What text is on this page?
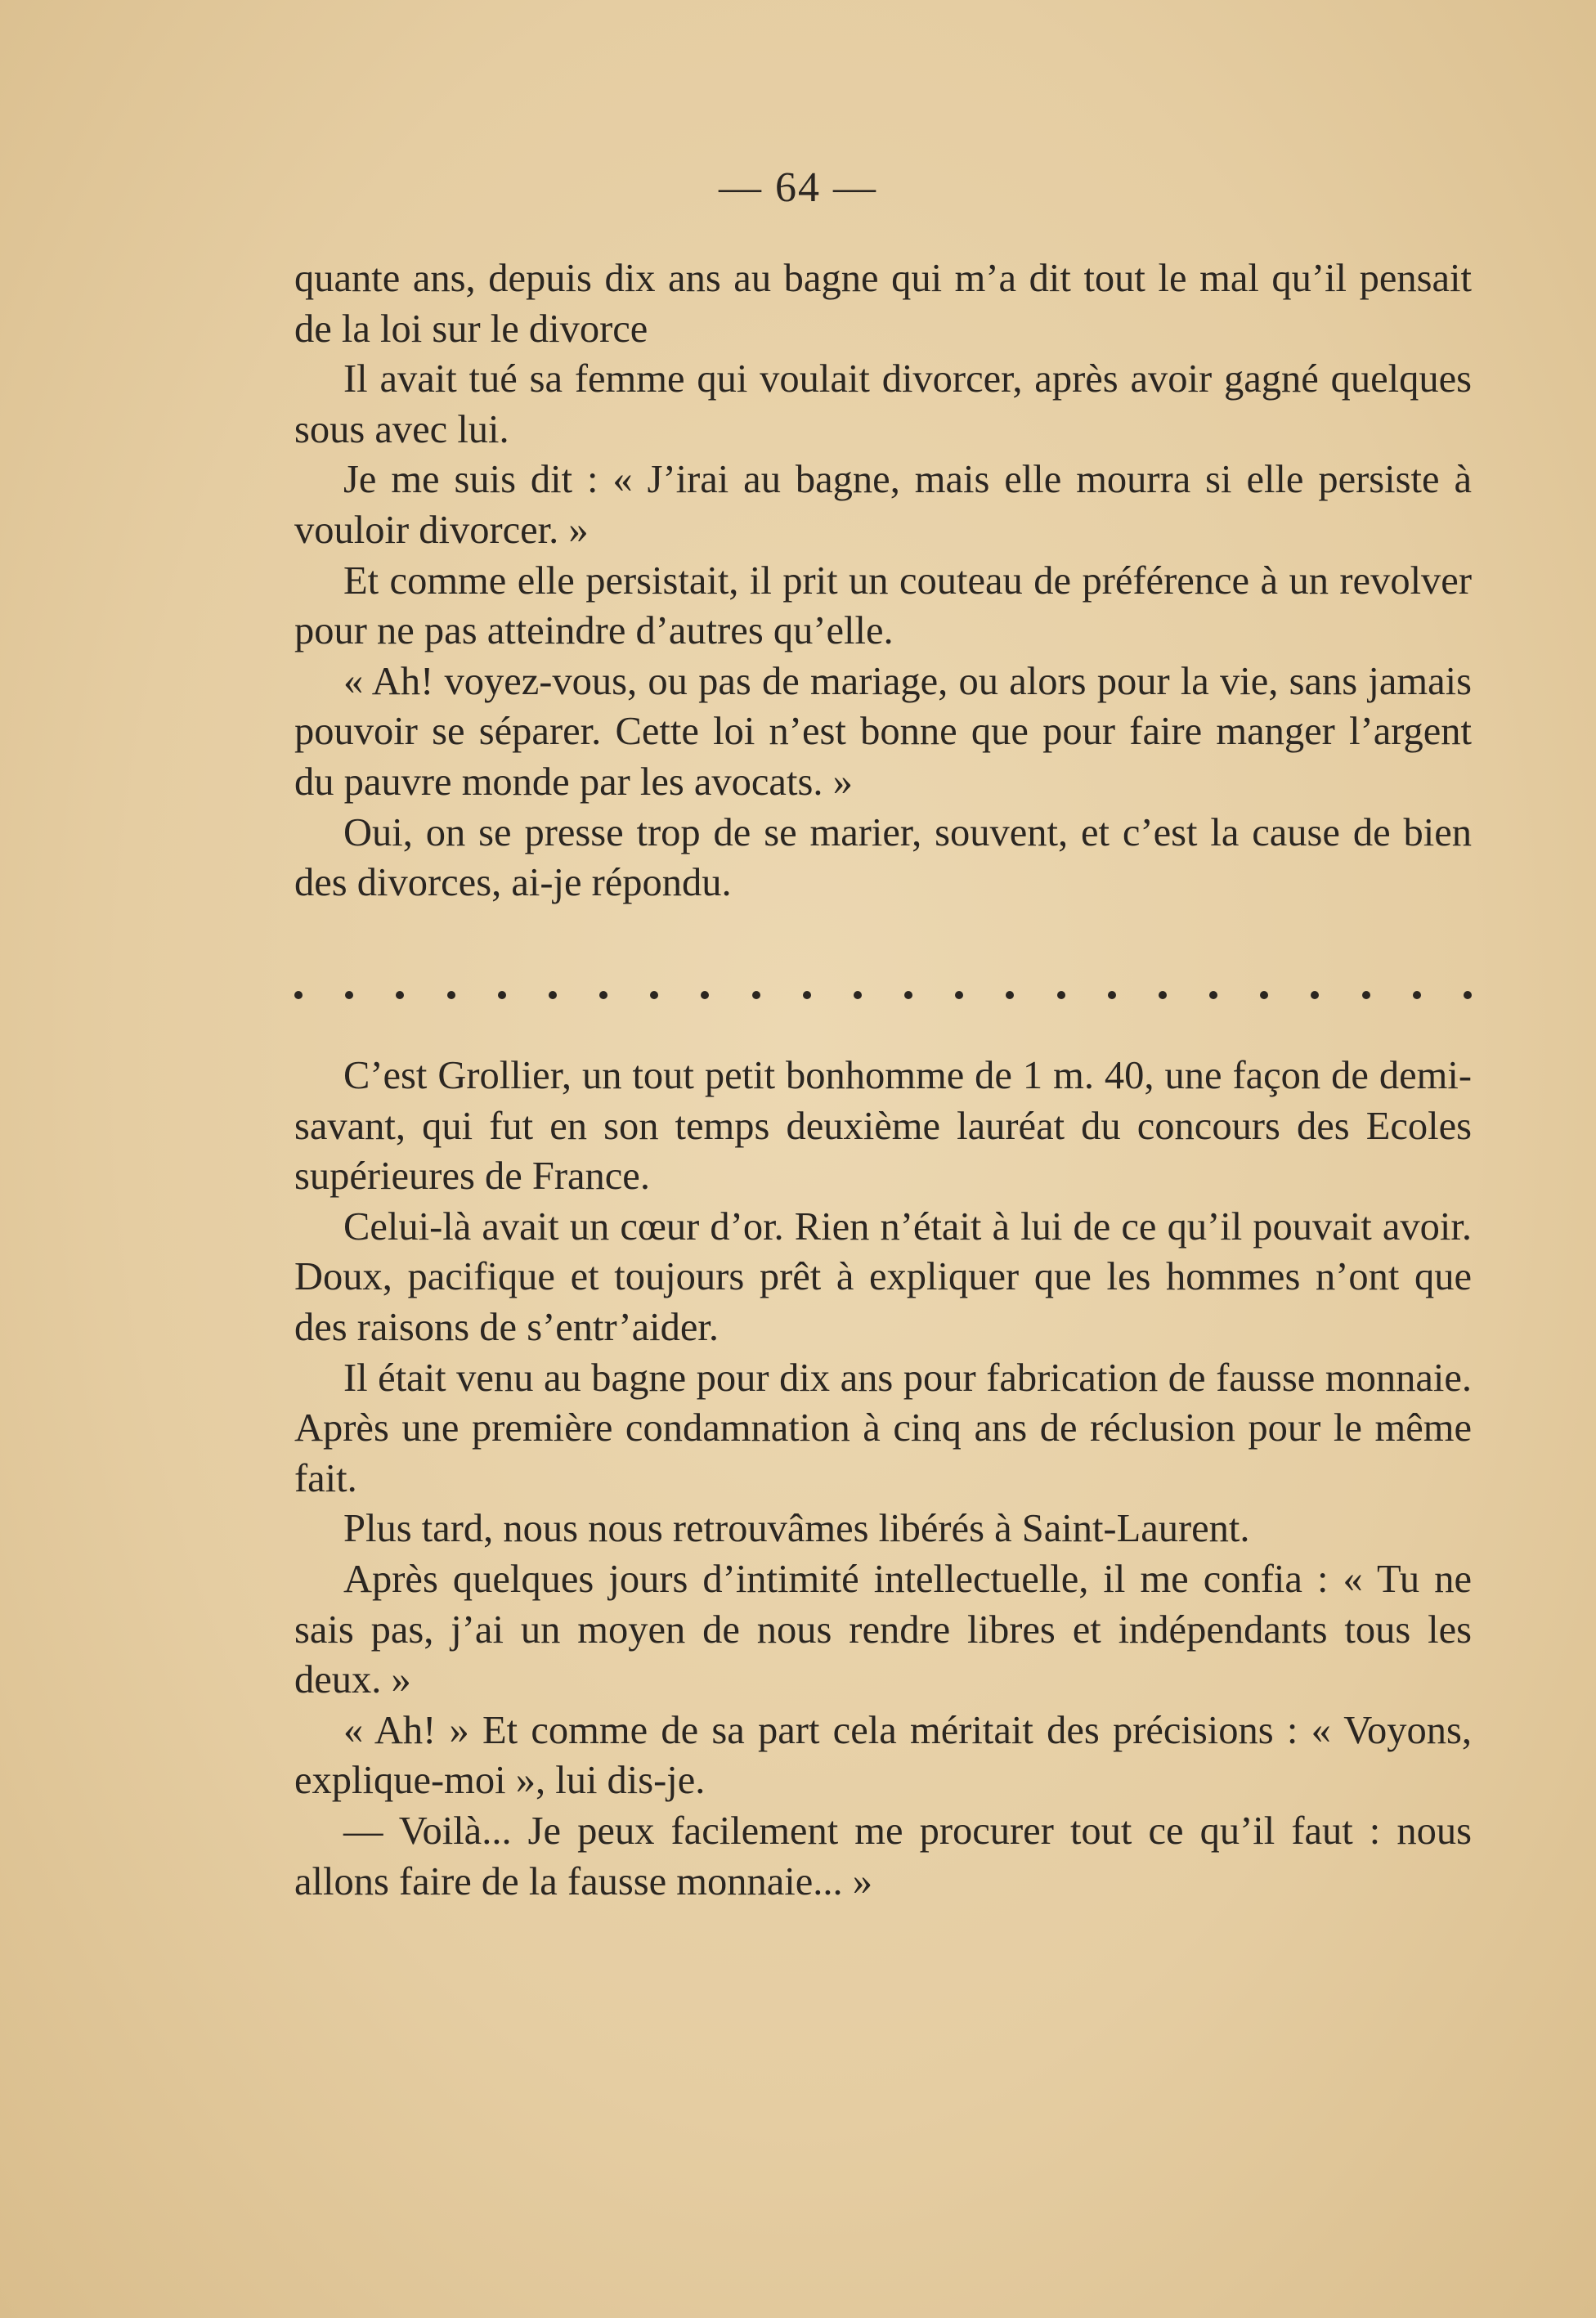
— 64 —

quante ans, depuis dix ans au bagne qui m’a dit tout le mal qu’il pensait de la loi sur le divorce

Il avait tué sa femme qui voulait divorcer, après avoir gagné quelques sous avec lui.

Je me suis dit : « J’irai au bagne, mais elle mourra si elle persiste à vouloir divorcer. »

Et comme elle persistait, il prit un couteau de préférence à un revolver pour ne pas atteindre d’autres qu’elle.

« Ah! voyez-vous, ou pas de mariage, ou alors pour la vie, sans jamais pouvoir se séparer. Cette loi n’est bonne que pour faire manger l’argent du pauvre monde par les avocats. »

Oui, on se presse trop de se marier, souvent, et c’est la cause de bien des divorces, ai-je répondu.

C’est Grollier, un tout petit bonhomme de 1 m. 40, une façon de demi-savant, qui fut en son temps deuxième lauréat du concours des Ecoles supérieures de France.

Celui-là avait un cœur d’or. Rien n’était à lui de ce qu’il pouvait avoir. Doux, pacifique et toujours prêt à expliquer que les hommes n’ont que des raisons de s’entr’aider.

Il était venu au bagne pour dix ans pour fabrication de fausse monnaie. Après une première condamnation à cinq ans de réclusion pour le même fait.

Plus tard, nous nous retrouvâmes libérés à Saint-Laurent.

Après quelques jours d’intimité intellectuelle, il me confia : « Tu ne sais pas, j’ai un moyen de nous rendre libres et indépendants tous les deux. »

« Ah! » Et comme de sa part cela méritait des précisions : « Voyons, explique-moi », lui dis-je.

— Voilà... Je peux facilement me procurer tout ce qu’il faut : nous allons faire de la fausse monnaie... »
